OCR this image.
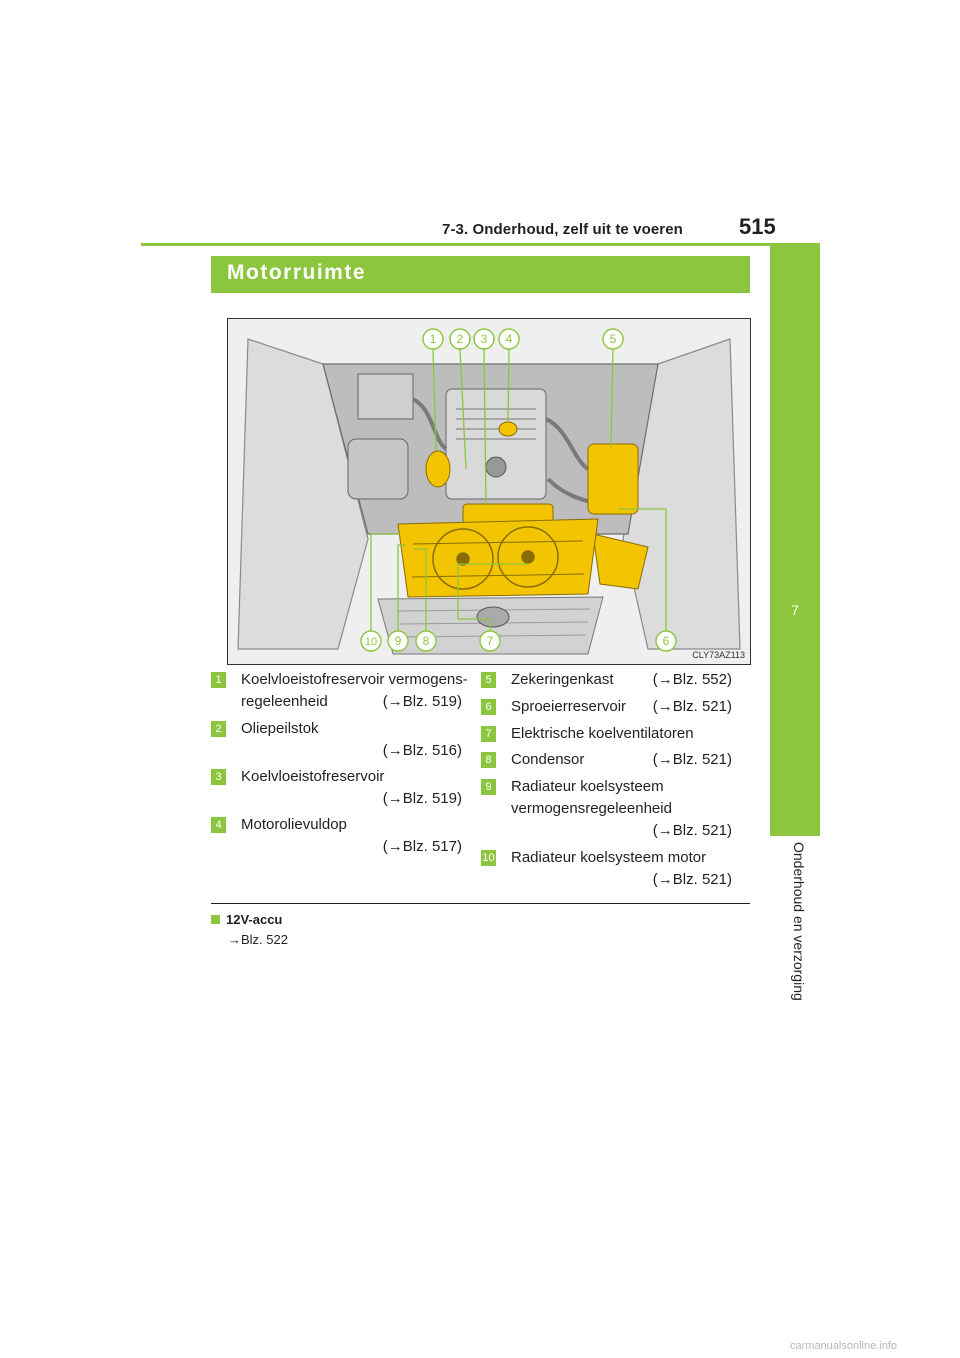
7-3. Onderhoud, zelf uit te voeren	515
7
Onderhoud en verzorging
Motorruimte
1 2 3 4	5
6
7
8
9
10
CLY73AZ113
1 Koelvloeistofreservoir vermogens-
regeleenheid	(→Blz. 519)
2 Oliepeilstok
(→Blz. 516)
3 Koelvloeistofreservoir
(→Blz. 519)
4 Motorolievuldop
(→Blz. 517)
5 Zekeringenkast	(→Blz. 552)
6 Sproeierreservoir (→Blz. 521)
7 Elektrische koelventilatoren
8 Condensor	(→Blz. 521)
9 Radiateur koelsysteem
vermogensregeleenheid
(→Blz. 521)
10 Radiateur koelsysteem motor
(→Blz. 521)
12V-accu
→Blz. 522
carmanualsonline.info
